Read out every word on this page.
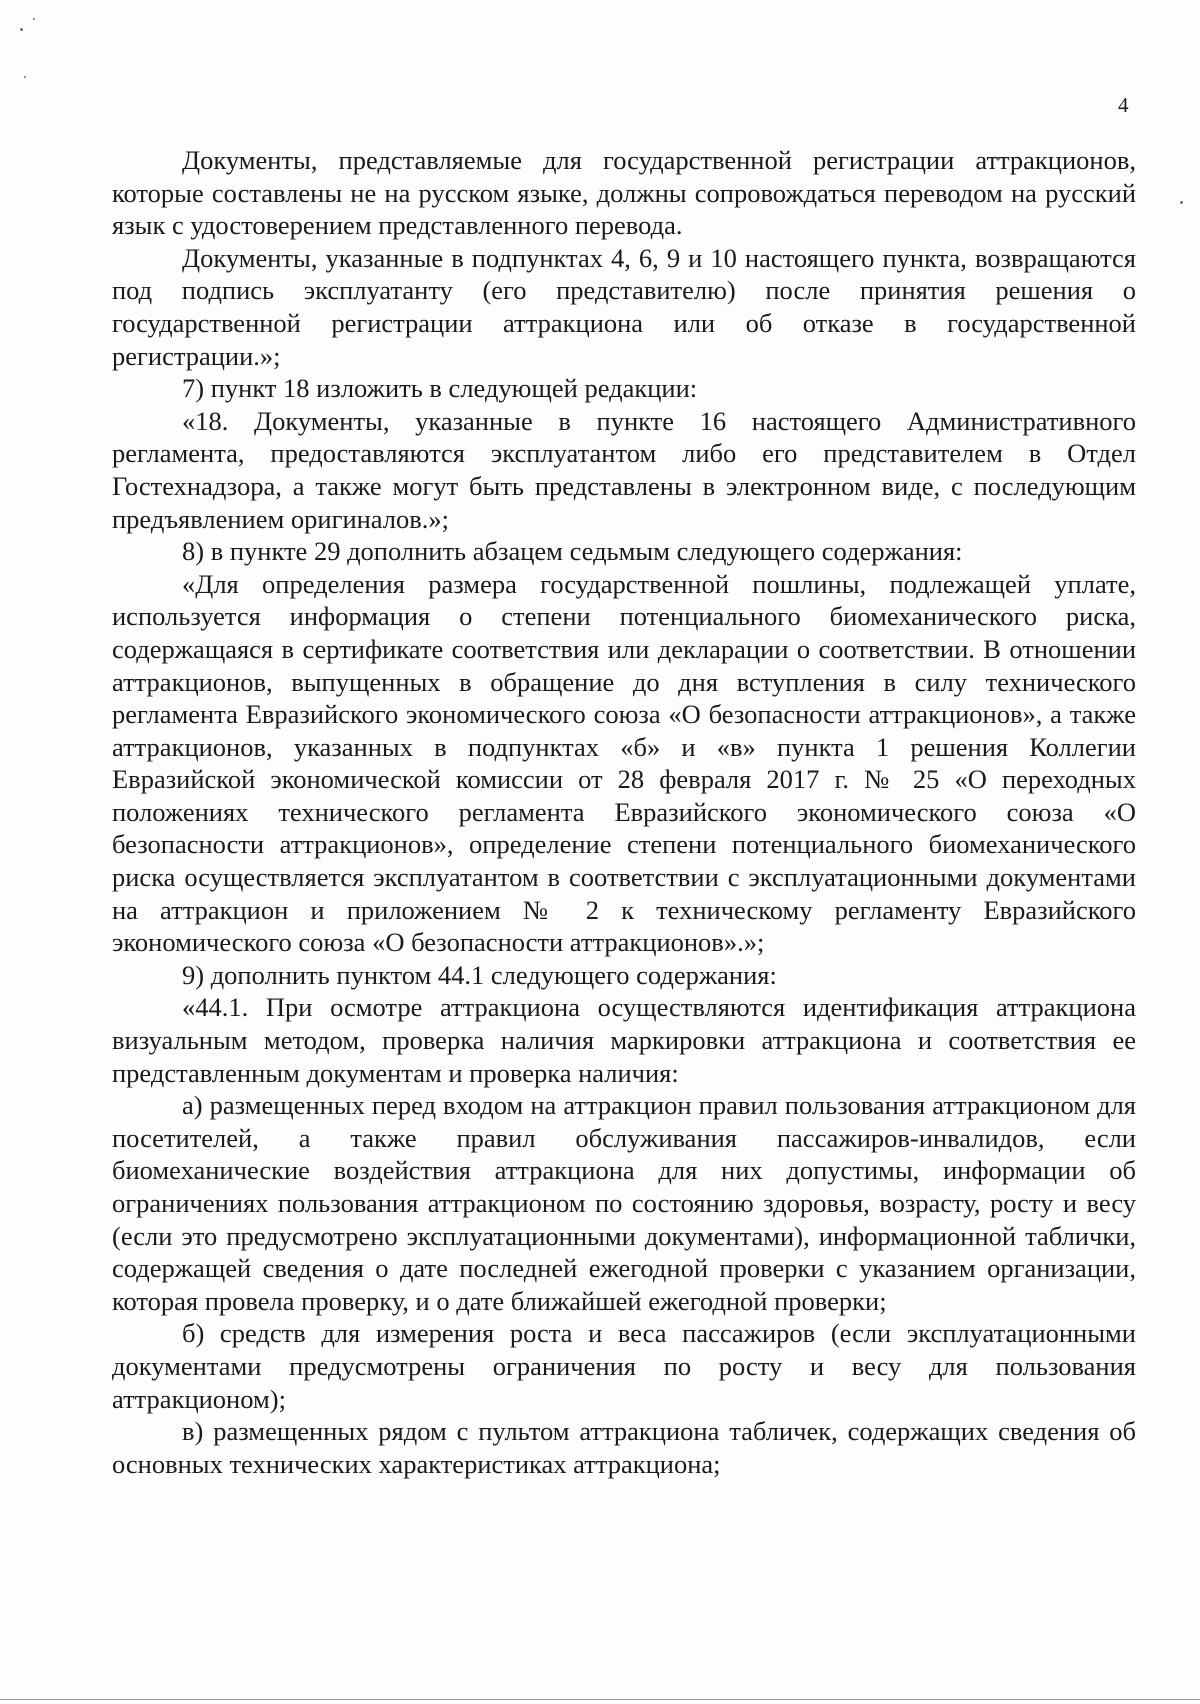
4

Документы, представляемые для государственной регистрации аттракционов, которые составлены не на русском языке, должны сопровождаться переводом на русский язык с удостоверением представленного перевода.

Документы, указанные в подпунктах 4, 6, 9 и 10 настоящего пункта, возвращаются под подпись эксплуатанту (его представителю) после принятия решения о государственной регистрации аттракциона или об отказе в государственной регистрации.»;

7) пункт 18 изложить в следующей редакции:

«18. Документы, указанные в пункте 16 настоящего Административного регламента, предоставляются эксплуатантом либо его представителем в Отдел Гостехнадзора, а также могут быть представлены в электронном виде, с последующим предъявлением оригиналов.»;

8) в пункте 29 дополнить абзацем седьмым следующего содержания:

«Для определения размера государственной пошлины, подлежащей уплате, используется информация о степени потенциального биомеханического риска, содержащаяся в сертификате соответствия или декларации о соответствии. В отношении аттракционов, выпущенных в обращение до дня вступления в силу технического регламента Евразийского экономического союза «О безопасности аттракционов», а также аттракционов, указанных в подпунктах «б» и «в» пункта 1 решения Коллегии Евразийской экономической комиссии от 28 февраля 2017 г. № 25 «О переходных положениях технического регламента Евразийского экономического союза «О безопасности аттракционов», определение степени потенциального биомеханического риска осуществляется эксплуатантом в соответствии с эксплуатационными документами на аттракцион и приложением № 2 к техническому регламенту Евразийского экономического союза «О безопасности аттракционов».»;

9) дополнить пунктом 44.1 следующего содержания:

«44.1. При осмотре аттракциона осуществляются идентификация аттракциона визуальным методом, проверка наличия маркировки аттракциона и соответствия ее представленным документам и проверка наличия:

а) размещенных перед входом на аттракцион правил пользования аттракционом для посетителей, а также правил обслуживания пассажиров-инвалидов, если биомеханические воздействия аттракциона для них допустимы, информации об ограничениях пользования аттракционом по состоянию здоровья, возрасту, росту и весу (если это предусмотрено эксплуатационными документами), информационной таблички, содержащей сведения о дате последней ежегодной проверки с указанием организации, которая провела проверку, и о дате ближайшей ежегодной проверки;

б) средств для измерения роста и веса пассажиров (если эксплуатационными документами предусмотрены ограничения по росту и весу для пользования аттракционом);

в) размещенных рядом с пультом аттракциона табличек, содержащих сведения об основных технических характеристиках аттракциона;
